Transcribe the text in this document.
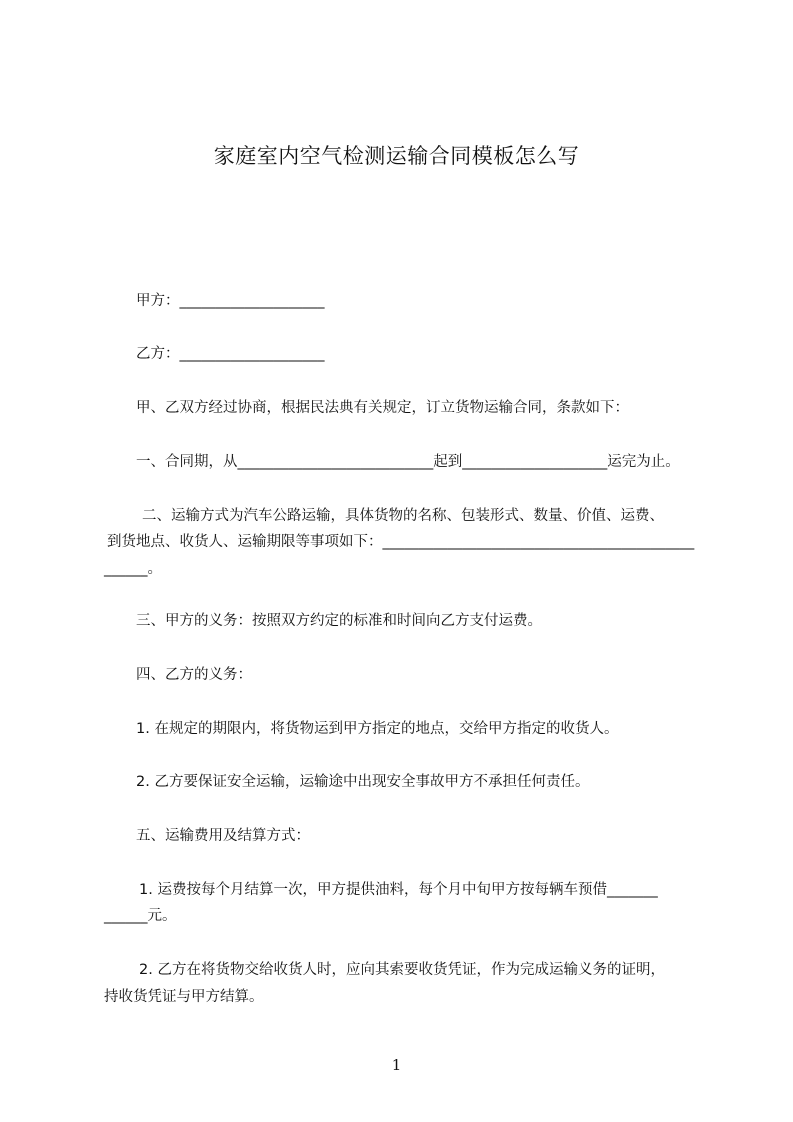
家庭室内空气检测运输合同模板怎么写
甲方：____________________
乙方：____________________
甲、乙双方经过协商，根据民法典有关规定，订立货物运输合同，条款如下：
一、合同期，从___________________________起到____________________运完为止。
二、运输方式为汽车公路运输，具体货物的名称、包装形式、数量、价值、运费、
到货地点、收货人、运输期限等事项如下：___________________________________________
______。
三、甲方的义务：按照双方约定的标准和时间向乙方支付运费。
四、乙方的义务：
1. 在规定的期限内，将货物运到甲方指定的地点，交给甲方指定的收货人。
2. 乙方要保证安全运输，运输途中出现安全事故甲方不承担任何责任。
五、运输费用及结算方式：
1. 运费按每个月结算一次，甲方提供油料，每个月中旬甲方按每辆车预借_______
______元。
2. 乙方在将货物交给收货人时，应向其索要收货凭证，作为完成运输义务的证明，
持收货凭证与甲方结算。
1
